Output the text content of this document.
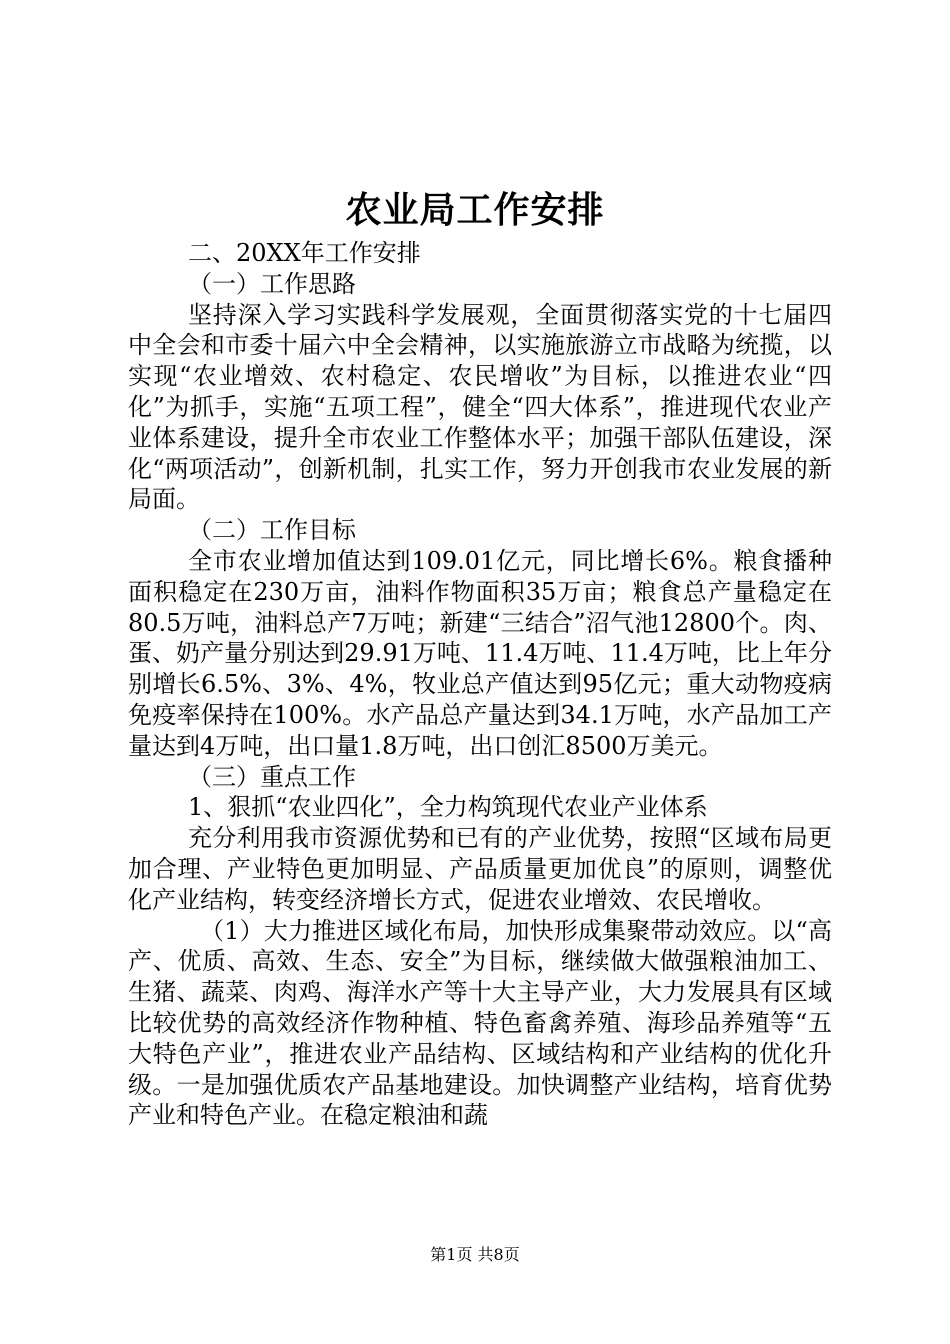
农业局工作安排

二、20XX年工作安排

（一）工作思路

坚持深入学习实践科学发展观，全面贯彻落实党的十七届四中全会和市委十届六中全会精神，以实施旅游立市战略为统揽，以实现“农业增效、农村稳定、农民增收”为目标，以推进农业“四化”为抓手，实施“五项工程”，健全“四大体系”，推进现代农业产业体系建设，提升全市农业工作整体水平；加强干部队伍建设，深化“两项活动”，创新机制，扎实工作，努力开创我市农业发展的新局面。

（二）工作目标

全市农业增加值达到109.01亿元，同比增长6%。粮食播种面积稳定在230万亩，油料作物面积35万亩；粮食总产量稳定在80.5万吨，油料总产7万吨；新建“三结合”沼气池12800个。肉、蛋、奶产量分别达到29.91万吨、11.4万吨、11.4万吨，比上年分别增长6.5%、3%、4%，牧业总产值达到95亿元；重大动物疫病免疫率保持在100%。水产品总产量达到34.1万吨，水产品加工产量达到4万吨，出口量1.8万吨，出口创汇8500万美元。

（三）重点工作

1、狠抓“农业四化”，全力构筑现代农业产业体系

充分利用我市资源优势和已有的产业优势，按照“区域布局更加合理、产业特色更加明显、产品质量更加优良”的原则，调整优化产业结构，转变经济增长方式，促进农业增效、农民增收。

（1）大力推进区域化布局，加快形成集聚带动效应。以“高产、优质、高效、生态、安全”为目标，继续做大做强粮油加工、生猪、蔬菜、肉鸡、海洋水产等十大主导产业，大力发展具有区域比较优势的高效经济作物种植、特色畜禽养殖、海珍品养殖等“五大特色产业”，推进农业产品结构、区域结构和产业结构的优化升级。一是加强优质农产品基地建设。加快调整产业结构，培育优势产业和特色产业。在稳定粮油和蔬

第1页 共8页
